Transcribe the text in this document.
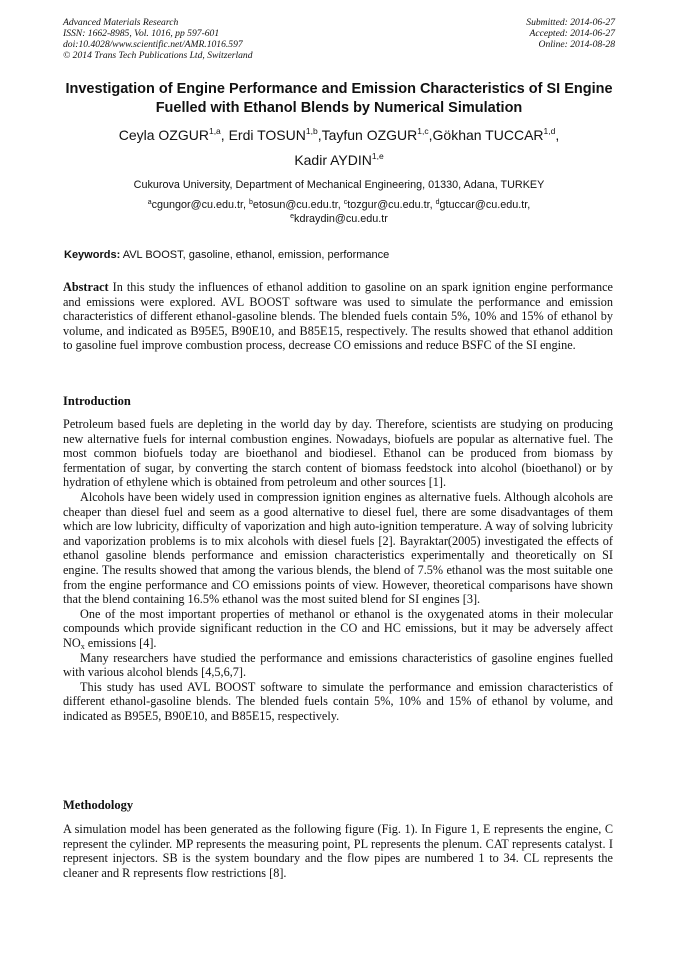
Advanced Materials Research
ISSN: 1662-8985, Vol. 1016, pp 597-601
doi:10.4028/www.scientific.net/AMR.1016.597
© 2014 Trans Tech Publications Ltd, Switzerland
Submitted: 2014-06-27
Accepted: 2014-06-27
Online: 2014-08-28
Investigation of Engine Performance and Emission Characteristics of SI Engine Fuelled with Ethanol Blends by Numerical Simulation
Ceyla OZGUR$^{1,a}$, Erdi TOSUN$^{1,b}$,Tayfun OZGUR$^{1,c}$,Gökhan TUCCAR$^{1,d}$,
Kadir AYDIN$^{1,e}$
Cukurova University, Department of Mechanical Engineering, 01330, Adana, TURKEY
$^a$cgungor@cu.edu.tr, $^b$etosun@cu.edu.tr, $^c$tozgur@cu.edu.tr, $^d$gtuccar@cu.edu.tr,
$^e$kdraydin@cu.edu.tr
Keywords: AVL BOOST, gasoline, ethanol, emission, performance
Abstract In this study the influences of ethanol addition to gasoline on an spark ignition engine performance and emissions were explored. AVL BOOST software was used to simulate the performance and emission characteristics of different ethanol-gasoline blends. The blended fuels contain 5%, 10% and 15% of ethanol by volume, and indicated as B95E5, B90E10, and B85E15, respectively. The results showed that ethanol addition to gasoline fuel improve combustion process, decrease CO emissions and reduce BSFC of the SI engine.
Introduction

Petroleum based fuels are depleting in the world day by day. Therefore, scientists are studying on producing new alternative fuels for internal combustion engines. Nowadays, biofuels are popular as alternative fuel. The most common biofuels today are bioethanol and biodiesel. Ethanol can be produced from biomass by fermentation of sugar, by converting the starch content of biomass feedstock into alcohol (bioethanol) or by hydration of ethylene which is obtained from petroleum and other sources [1].

Alcohols have been widely used in compression ignition engines as alternative fuels. Although alcohols are cheaper than diesel fuel and seem as a good alternative to diesel fuel, there are some disadvantages of them which are low lubricity, difficulty of vaporization and high auto-ignition temperature. A way of solving lubricity and vaporization problems is to mix alcohols with diesel fuels [2]. Bayraktar(2005) investigated the effects of ethanol gasoline blends performance and emission characteristics experimentally and theoretically on SI engine. The results showed that among the various blends, the blend of 7.5% ethanol was the most suitable one from the engine performance and CO emissions points of view. However, theoretical comparisons have shown that the blend containing 16.5% ethanol was the most suited blend for SI engines [3].

One of the most important properties of methanol or ethanol is the oxygenated atoms in their molecular compounds which provide significant reduction in the CO and HC emissions, but it may be adversely affect $NO_x$ emissions [4].

Many researchers have studied the performance and emissions characteristics of gasoline engines fuelled with various alcohol blends [4,5,6,7].

This study has used AVL BOOST software to simulate the performance and emission characteristics of different ethanol-gasoline blends. The blended fuels contain 5%, 10% and 15% of ethanol by volume, and indicated as B95E5, B90E10, and B85E15, respectively.

Methodology

A simulation model has been generated as the following figure (Fig. 1). In Figure 1, E represents the engine, C represent the cylinder. MP represents the measuring point, PL represents the plenum. CAT represents catalyst. I represent injectors. SB is the system boundary and the flow pipes are numbered 1 to 34. CL represents the cleaner and R represents flow restrictions [8].
